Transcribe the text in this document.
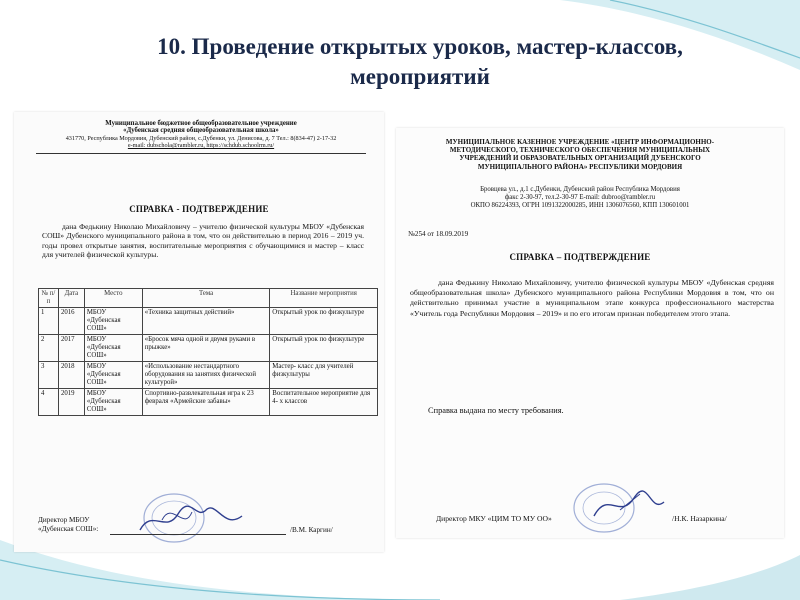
10. Проведение открытых уроков, мастер-классов,
мероприятий
Муниципальное бюджетное общеобразовательное учреждение
«Дубенская средняя общеобразовательная школа»
431770, Республика Мордовия, Дубенский район, с.Дубенки, ул. Денисова, д. 7 Тел.: 8(834-47) 2-17-32
e-mail: dubschola@rambler.ru, https://schdub.schoolrm.ru/
СПРАВКА - ПОДТВЕРЖДЕНИЕ
дана Федькину Николаю Михайловичу – учителю физической культуры МБОУ «Дубенская СОШ» Дубенского муниципального района в том, что он действительно в период 2016 – 2019 уч. годы провел открытые занятия, воспитательные мероприятия с обучающимися и мастер – класс для учителей физической культуры.
№ п/п	Дата	Место	Тема	Название мероприятия
1	2016	МБОУ «Дубенская СОШ»	«Техника защитных действий»	Открытый урок по физкультуре
2	2017	МБОУ «Дубенская СОШ»	«Бросок мяча одной и двумя руками в прыжке»	Открытый урок по физкультуре
3	2018	МБОУ «Дубенская СОШ»	«Использование нестандартного оборудования на занятиях физической культурой»	Мастер- класс для учителей физкультуры
4	2019	МБОУ «Дубенская СОШ»	Спортивно-развлекательная игра к 23 февраля «Армейские забавы»	Воспитательное мероприятие для 4- х классов
Директор МБОУ
«Дубенская СОШ»:	/В.М. Каргин/
МУНИЦИПАЛЬНОЕ КАЗЕННОЕ УЧРЕЖДЕНИЕ «ЦЕНТР ИНФОРМАЦИОННО-
МЕТОДИЧЕСКОГО, ТЕХНИЧЕСКОГО ОБЕСПЕЧЕНИЯ МУНИЦИПАЛЬНЫХ
УЧРЕЖДЕНИЙ И ОБРАЗОВАТЕЛЬНЫХ ОРГАНИЗАЦИЙ ДУБЕНСКОГО
МУНИЦИПАЛЬНОГО РАЙОНА» РЕСПУБЛИКИ МОРДОВИЯ
Бровцева ул., д.1 с.Дубенки, Дубенский район Республика Мордовия
факс 2-30-97, тел.2-30-97 E-mail: dubroo@rambler.ru
ОКПО 86224393, ОГРН 1091322000285, ИНН 1306076560, КПП 130601001
№254 от 18.09.2019
СПРАВКА – ПОДТВЕРЖДЕНИЕ
дана Федькину Николаю Михайловичу, учителю физической культуры МБОУ «Дубенская средняя общеобразовательная школа» Дубенского муниципального района Республики Мордовия в том, что он действительно принимал участие в муниципальном этапе конкурса профессионального мастерства «Учитель года Республики Мордовия – 2019» и по его итогам признан победителем этого этапа.
Справка выдана по месту требования.
Директор МКУ «ЦИМ ТО МУ ОО»	/Н.К. Назаркина/
